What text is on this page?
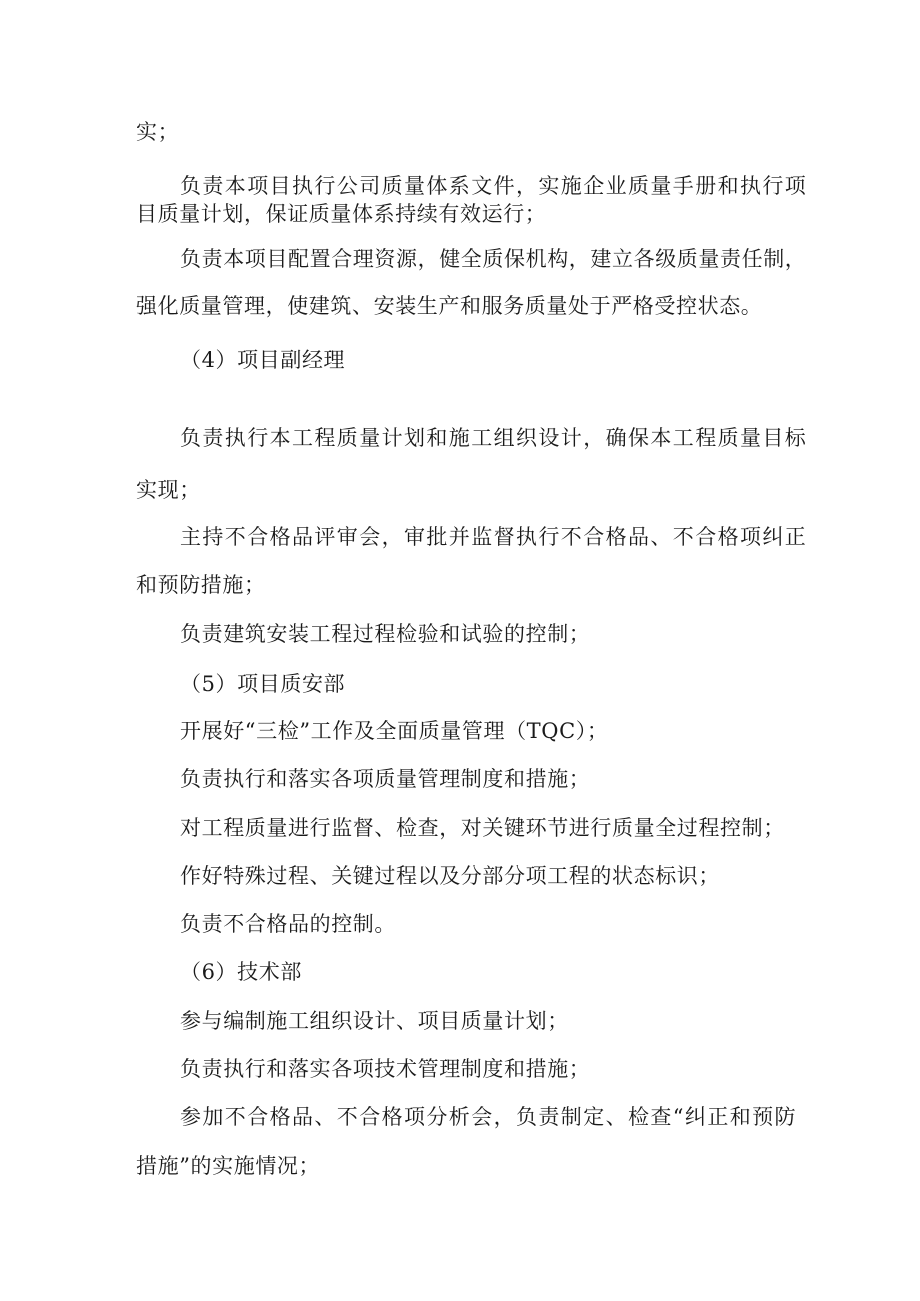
实；
负责本项目执行公司质量体系文件，实施企业质量手册和执行项
目质量计划，保证质量体系持续有效运行；
负责本项目配置合理资源，健全质保机构，建立各级质量责任制，
强化质量管理，使建筑、安装生产和服务质量处于严格受控状态。
（4）项目副经理
负责执行本工程质量计划和施工组织设计，确保本工程质量目标
实现；
主持不合格品评审会，审批并监督执行不合格品、不合格项纠正
和预防措施；
负责建筑安装工程过程检验和试验的控制；
（5）项目质安部
开展好“三检”工作及全面质量管理（TQC）；
负责执行和落实各项质量管理制度和措施；
对工程质量进行监督、检查，对关键环节进行质量全过程控制；
作好特殊过程、关键过程以及分部分项工程的状态标识；
负责不合格品的控制。
（6）技术部
参与编制施工组织设计、项目质量计划；
负责执行和落实各项技术管理制度和措施；
参加不合格品、不合格项分析会，负责制定、检查“纠正和预防
措施”的实施情况；
